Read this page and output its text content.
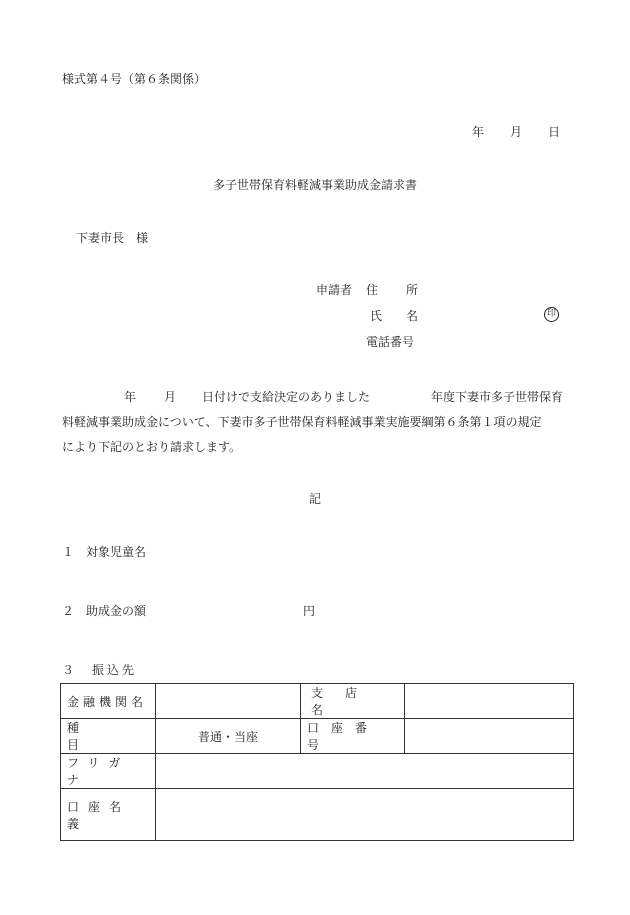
様式第４号（第６条関係）
年 月 日
多子世帯保育料軽減事業助成金請求書
下妻市長　様
申請者 住 所
氏 名
電話番号
印
年 月 日付けで支給決定のありました	年度下妻市多子世帯保育
料軽減事業助成金について、下妻市多子世帯保育料軽減事業実施要綱第６条第１項の規定
により下記のとおり請求します。
記
１　対象児童名
２　助成金の額	円
３　振込先
金融機関名		支店名	

種目	普通・当座	口座番号	

フリガナ			

口座名義			
